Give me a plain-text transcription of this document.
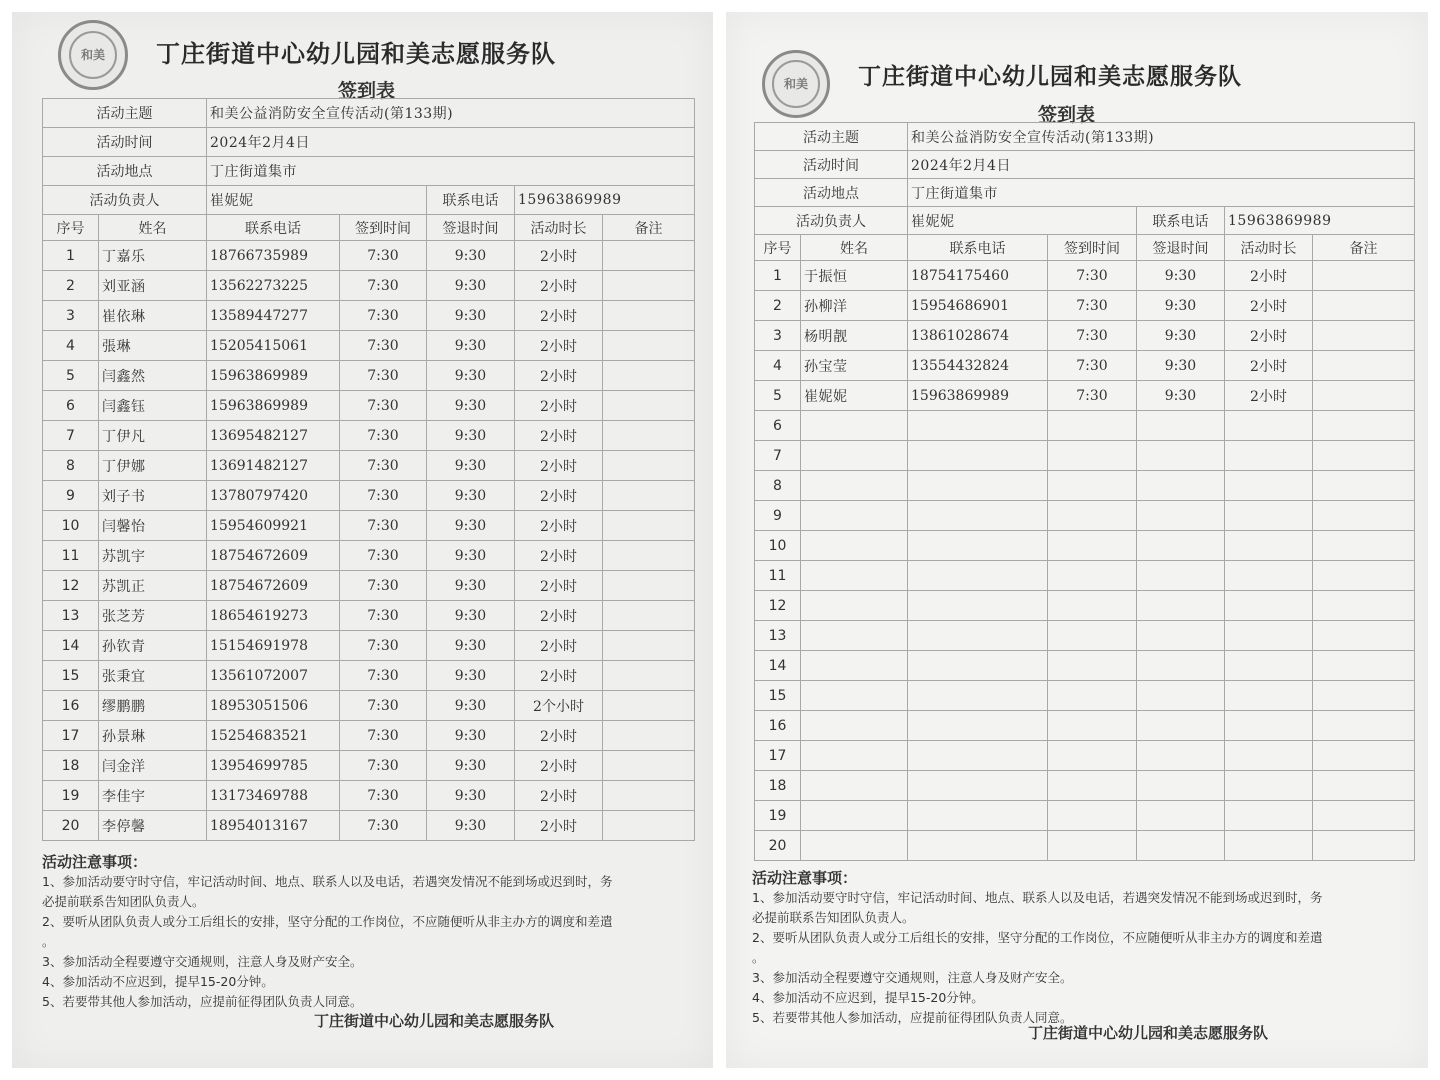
和美	丁庄街道中心幼儿园和美志愿服务队
签到表
活动主题		和美公益消防安全宣传活动(第133期)				
活动时间		2024年2月4日				
活动地点		丁庄街道集市				
活动负责人		崔妮妮		联系电话	15963869989	
序号	姓名	联系电话	签到时间	签退时间	活动时长	备注
1	丁嘉乐	18766735989	7:30	9:30	2小时	
2	刘亚涵	13562273225	7:30	9:30	2小时	
3	崔依琳	13589447277	7:30	9:30	2小时	
4	張琳	15205415061	7:30	9:30	2小时	
5	闫鑫然	15963869989	7:30	9:30	2小时	
6	闫鑫钰	15963869989	7:30	9:30	2小时	
7	丁伊凡	13695482127	7:30	9:30	2小时	
8	丁伊娜	13691482127	7:30	9:30	2小时	
9	刘子书	13780797420	7:30	9:30	2小时	
10	闫馨怡	15954609921	7:30	9:30	2小时	
11	苏凯宇	18754672609	7:30	9:30	2小时	
12	苏凯正	18754672609	7:30	9:30	2小时	
13	张芝芳	18654619273	7:30	9:30	2小时	
14	孙钦青	15154691978	7:30	9:30	2小时	
15	张秉宜	13561072007	7:30	9:30	2小时	
16	缪鹏鹏	18953051506	7:30	9:30	2个小时	
17	孙景琳	15254683521	7:30	9:30	2小时	
18	闫金洋	13954699785	7:30	9:30	2小时	
19	李佳宇	13173469788	7:30	9:30	2小时	
20	李停馨	18954013167	7:30	9:30	2小时	
活动注意事项：
1、参加活动要守时守信，牢记活动时间、地点、联系人以及电话，若遇突发情况不能到场或迟到时，务
必提前联系告知团队负责人。
2、要听从团队负责人或分工后组长的安排，坚守分配的工作岗位，不应随便听从非主办方的调度和差遣
。
3、参加活动全程要遵守交通规则，注意人身及财产安全。
4、参加活动不应迟到，提早15-20分钟。
5、若要带其他人参加活动，应提前征得团队负责人同意。
丁庄街道中心幼儿园和美志愿服务队
和美	丁庄街道中心幼儿园和美志愿服务队
签到表
活动主题		和美公益消防安全宣传活动(第133期)				
活动时间		2024年2月4日				
活动地点		丁庄街道集市				
活动负责人		崔妮妮		联系电话	15963869989	
序号	姓名	联系电话	签到时间	签退时间	活动时长	备注
1	于振恒	18754175460	7:30	9:30	2小时	
2	孙柳洋	15954686901	7:30	9:30	2小时	
3	杨明靓	13861028674	7:30	9:30	2小时	
4	孙宝莹	13554432824	7:30	9:30	2小时	
5	崔妮妮	15963869989	7:30	9:30	2小时	
6						
7						
8						
9						
10						
11						
12						
13						
14						
15						
16						
17						
18						
19						
20						
活动注意事项：
1、参加活动要守时守信，牢记活动时间、地点、联系人以及电话，若遇突发情况不能到场或迟到时，务
必提前联系告知团队负责人。
2、要听从团队负责人或分工后组长的安排，坚守分配的工作岗位，不应随便听从非主办方的调度和差遣
。
3、参加活动全程要遵守交通规则，注意人身及财产安全。
4、参加活动不应迟到，提早15-20分钟。
5、若要带其他人参加活动，应提前征得团队负责人同意。
丁庄街道中心幼儿园和美志愿服务队
